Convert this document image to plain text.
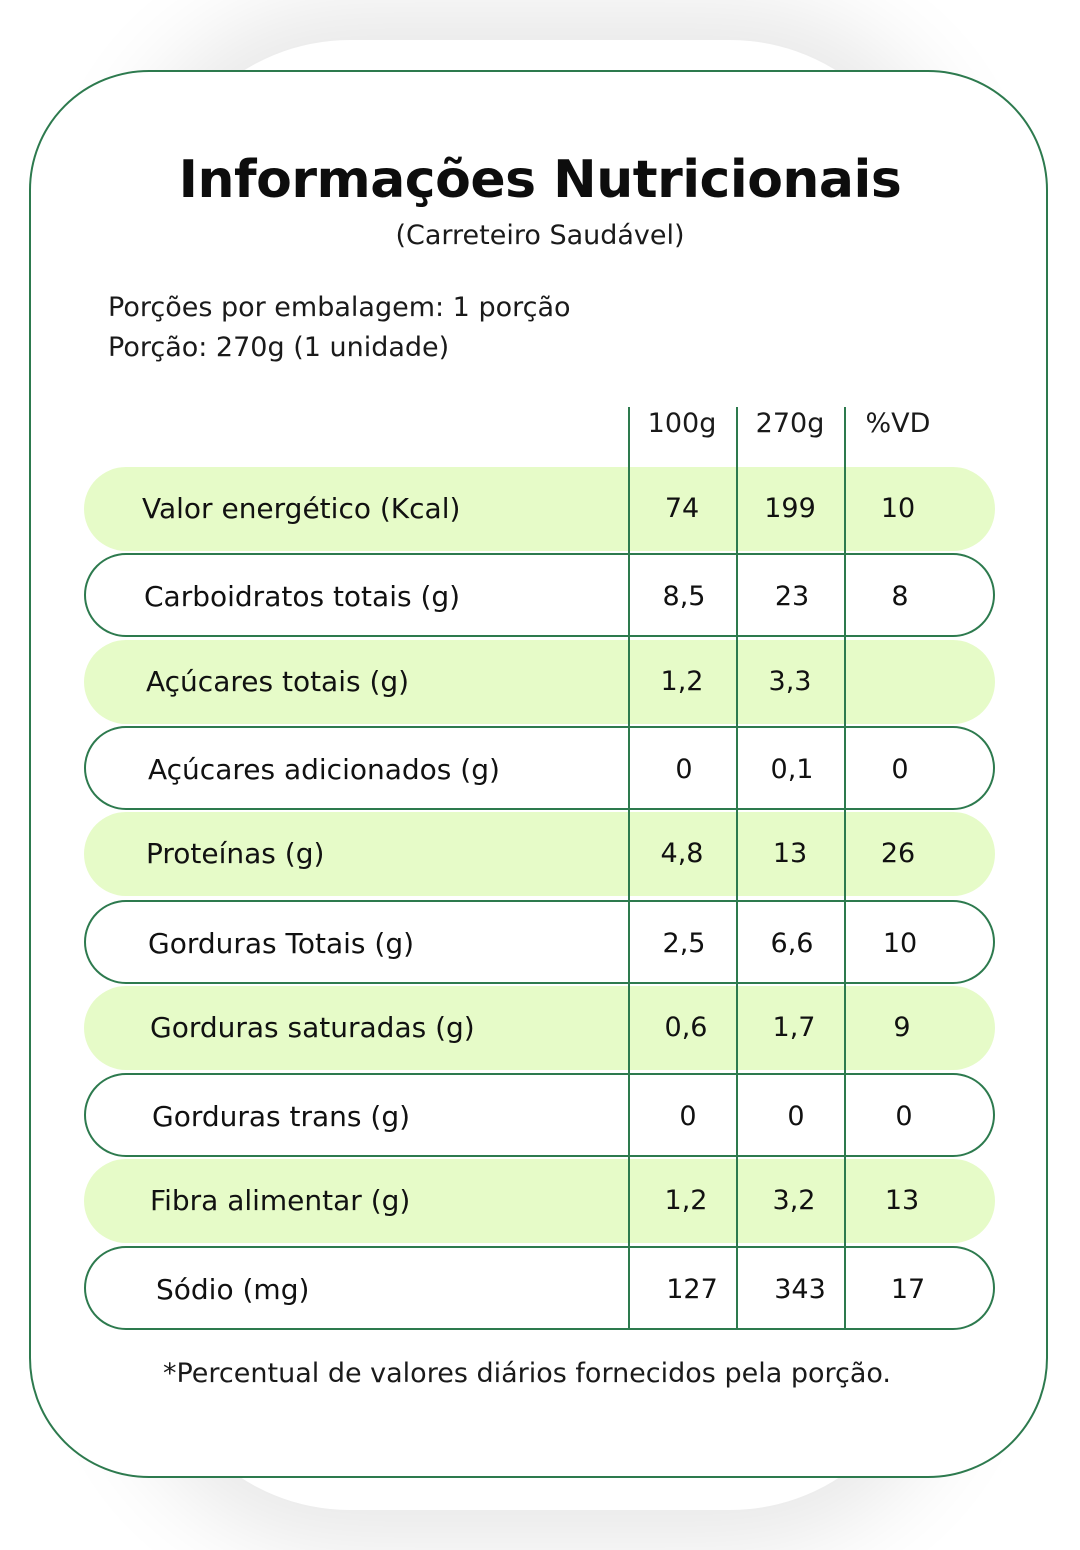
Informações Nutricionais
(Carreteiro Saudável)
Porções por embalagem: 1 porção
Porção: 270g (1 unidade)
100g	270g	%VD
Valor energético (Kcal)	74	199	10
Carboidratos totais (g)	8,5	23	8
Açúcares totais (g)	1,2	3,3
Açúcares adicionados (g)	0	0,1	0
Proteínas (g)	4,8	13	26
Gorduras Totais (g)	2,5	6,6	10
Gorduras saturadas (g)	0,6	1,7	9
Gorduras trans (g)	0	0	0
Fibra alimentar (g)	1,2	3,2	13
Sódio (mg)	127	343	17
*Percentual de valores diários fornecidos pela porção.
